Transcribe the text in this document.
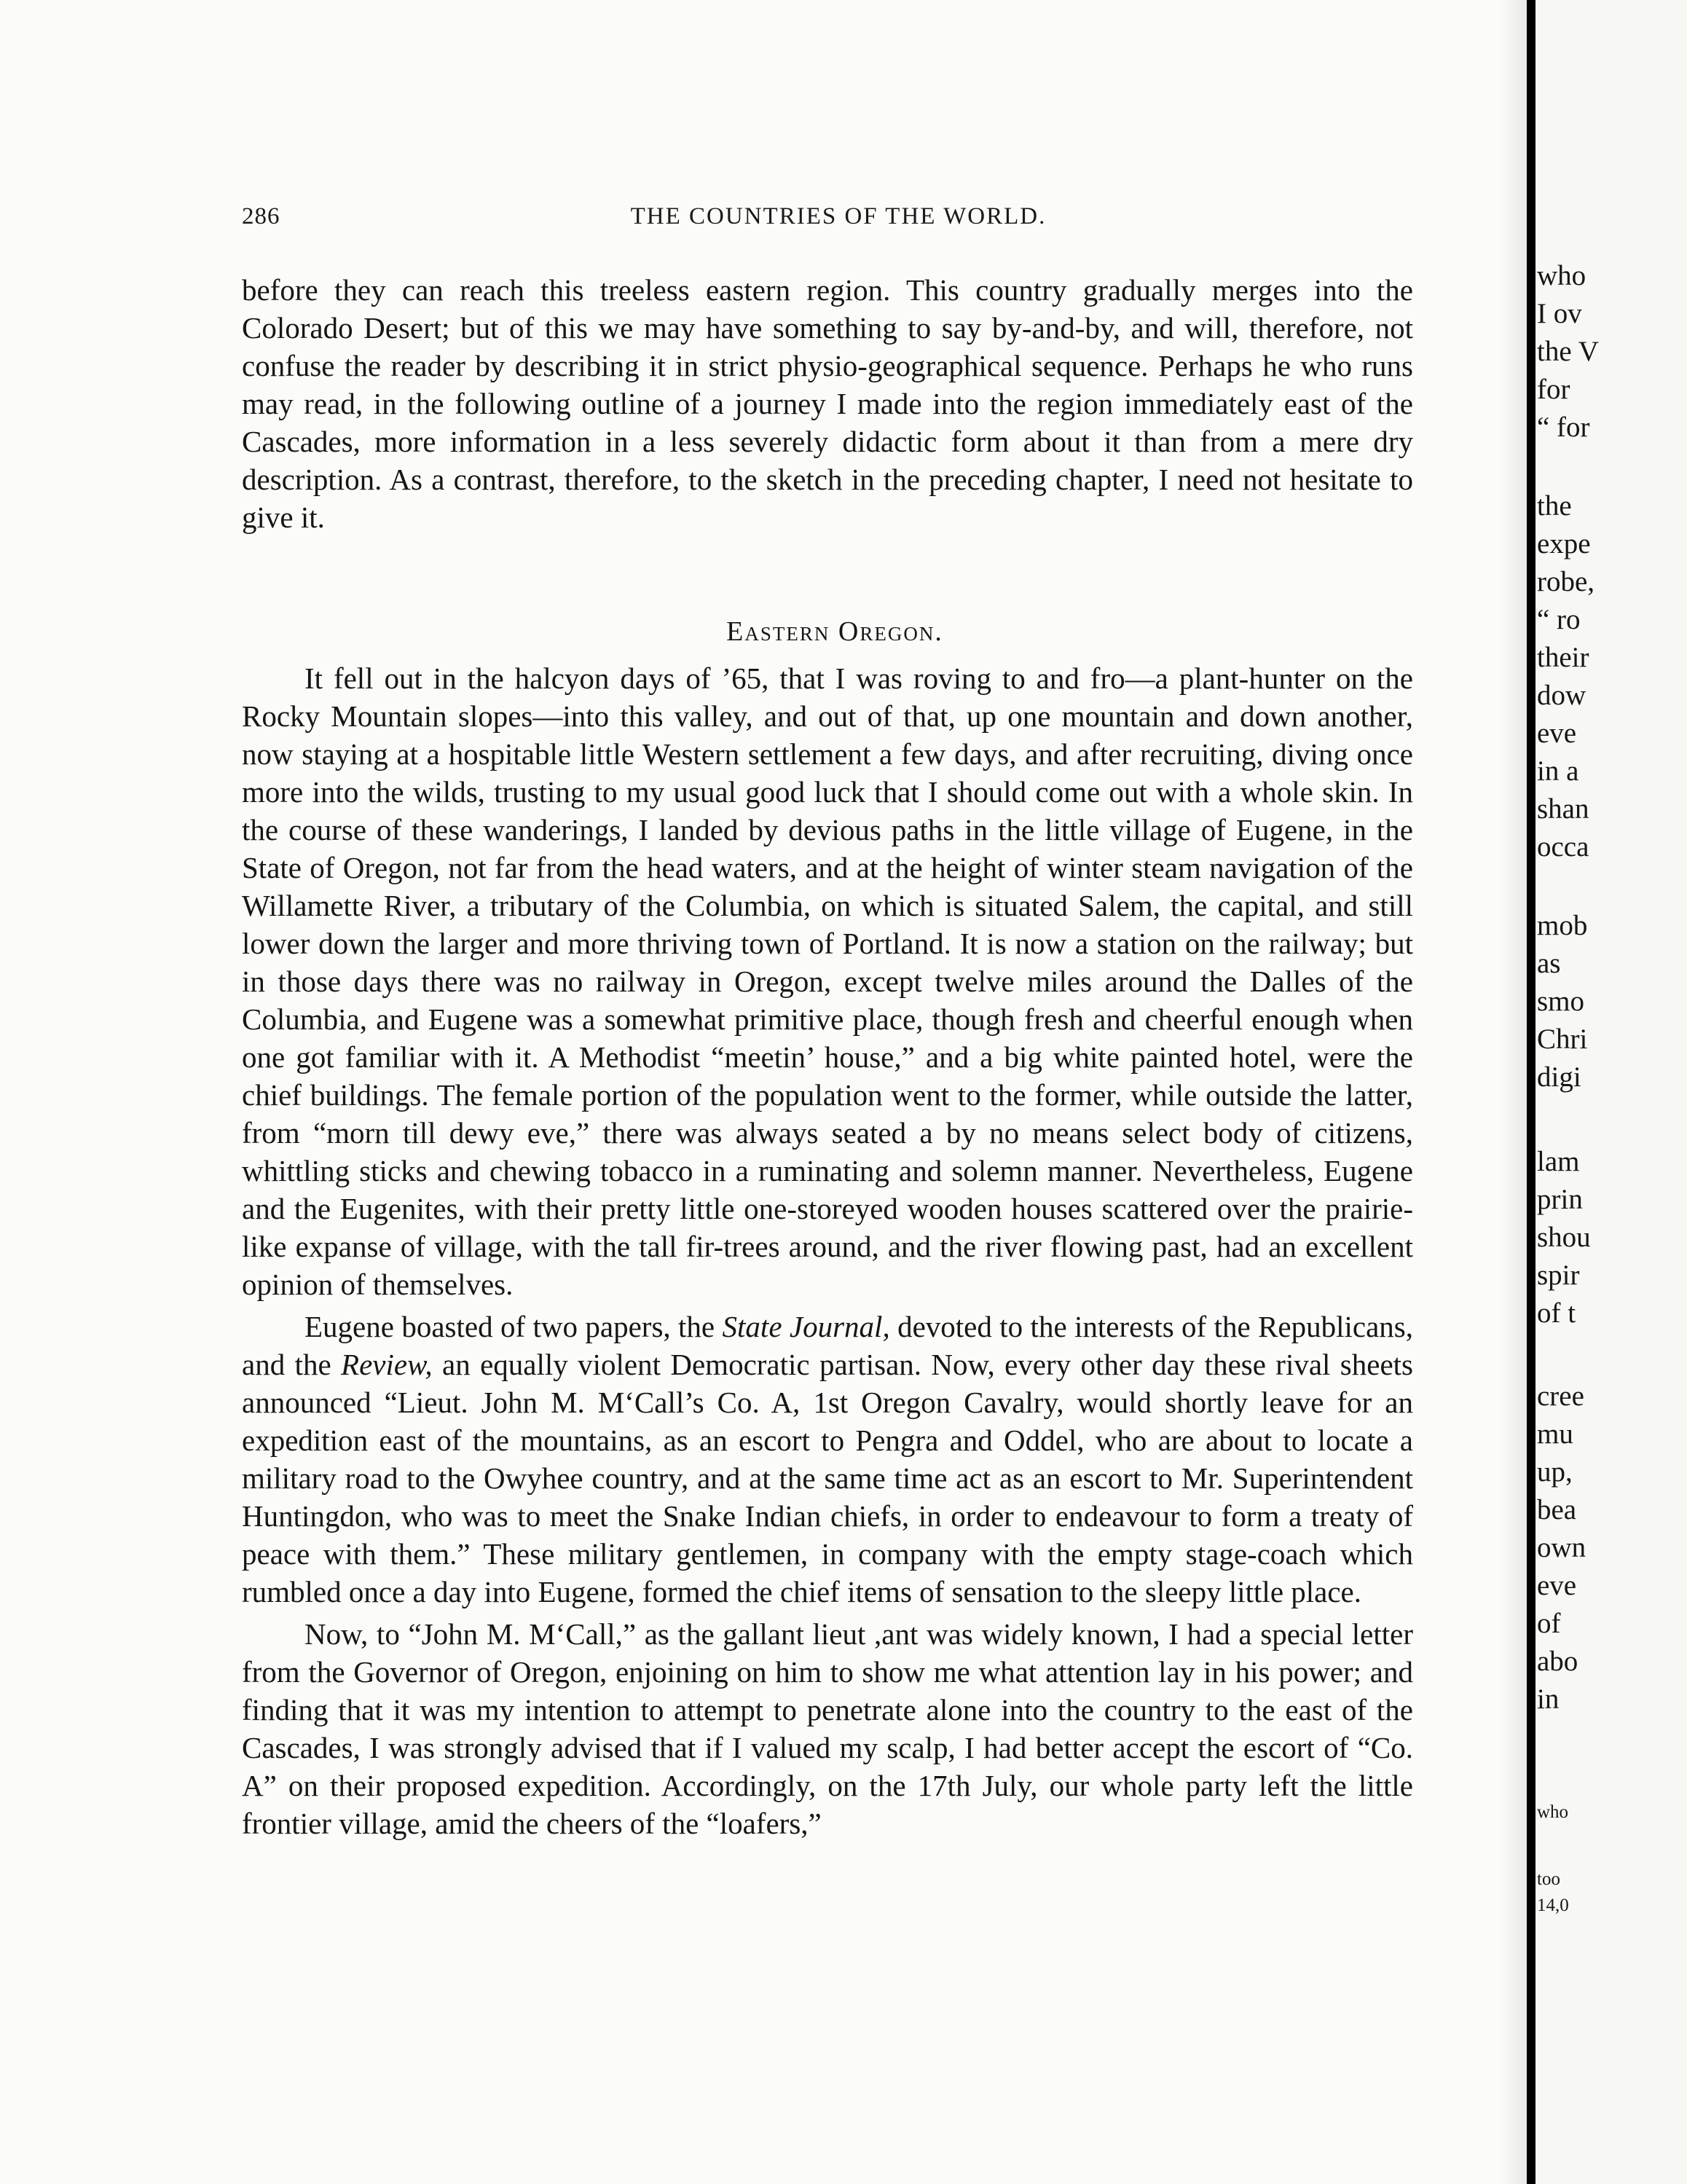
286	THE COUNTRIES OF THE WORLD.

before they can reach this treeless eastern region. This country gradually merges into the Colorado Desert; but of this we may have something to say by-and-by, and will, therefore, not confuse the reader by describing it in strict physio-geographical sequence. Perhaps he who runs may read, in the following outline of a journey I made into the region immediately east of the Cascades, more information in a less severely didactic form about it than from a mere dry description. As a contrast, therefore, to the sketch in the preceding chapter, I need not hesitate to give it.

Eastern Oregon.

It fell out in the halcyon days of ’65, that I was roving to and fro—a plant-hunter on the Rocky Mountain slopes—into this valley, and out of that, up one mountain and down another, now staying at a hospitable little Western settlement a few days, and after recruiting, diving once more into the wilds, trusting to my usual good luck that I should come out with a whole skin. In the course of these wanderings, I landed by devious paths in the little village of Eugene, in the State of Oregon, not far from the head waters, and at the height of winter steam navigation of the Willamette River, a tributary of the Columbia, on which is situated Salem, the capital, and still lower down the larger and more thriving town of Portland. It is now a station on the railway; but in those days there was no railway in Oregon, except twelve miles around the Dalles of the Columbia, and Eugene was a somewhat primitive place, though fresh and cheerful enough when one got familiar with it. A Methodist “meetin’ house,” and a big white painted hotel, were the chief buildings. The female portion of the population went to the former, while outside the latter, from “morn till dewy eve,” there was always seated a by no means select body of citizens, whittling sticks and chewing tobacco in a ruminating and solemn manner. Nevertheless, Eugene and the Eugenites, with their pretty little one-storeyed wooden houses scattered over the prairie-like expanse of village, with the tall fir-trees around, and the river flowing past, had an excellent opinion of themselves.

Eugene boasted of two papers, the State Journal, devoted to the interests of the Republicans, and the Review, an equally violent Democratic partisan. Now, every other day these rival sheets announced “Lieut. John M. M‘Call’s Co. A, 1st Oregon Cavalry, would shortly leave for an expedition east of the mountains, as an escort to Pengra and Oddel, who are about to locate a military road to the Owyhee country, and at the same time act as an escort to Mr. Superintendent Huntingdon, who was to meet the Snake Indian chiefs, in order to endeavour to form a treaty of peace with them.” These military gentlemen, in company with the empty stage-coach which rumbled once a day into Eugene, formed the chief items of sensation to the sleepy little place.

Now, to “John M. M‘Call,” as the gallant lieut ,ant was widely known, I had a special letter from the Governor of Oregon, enjoining on him to show me what attention lay in his power; and finding that it was my intention to attempt to penetrate alone into the country to the east of the Cascades, I was strongly advised that if I valued my scalp, I had better accept the escort of “Co. A” on their proposed expedition. Accordingly, on the 17th July, our whole party left the little frontier village, amid the cheers of the “loafers,”

who
I ov
the V
for
“ for
the
expe
robe,
“ ro
their
dow
eve
in a
shan
occa
mob
as
smo
Chri
digi
lam
prin
shou
spir
of t
cree
mu
up,
bea
own
eve
of
abo
in
who
too
14,0
